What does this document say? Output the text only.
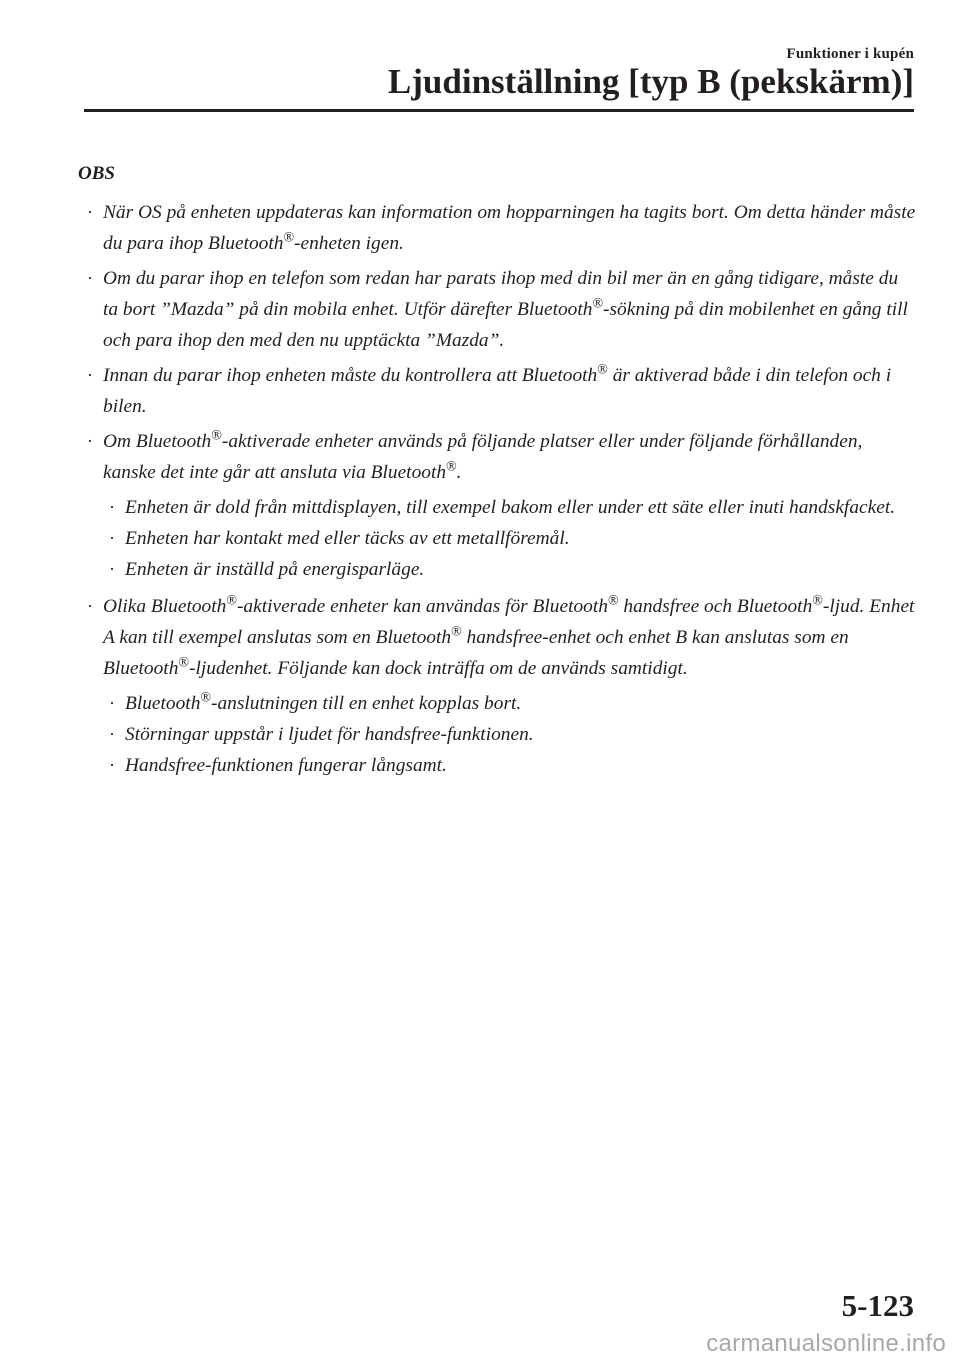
Funktioner i kupén
Ljudinställning [typ B (pekskärm)]
OBS
·
När OS på enheten uppdateras kan information om hopparningen ha tagits bort. Om detta händer måste du para ihop Bluetooth®-enheten igen.
·
Om du parar ihop en telefon som redan har parats ihop med din bil mer än en gång tidigare, måste du ta bort ”Mazda” på din mobila enhet. Utför därefter Bluetooth®-sökning på din mobilenhet en gång till och para ihop den med den nu upptäckta ”Mazda”.
·
Innan du parar ihop enheten måste du kontrollera att Bluetooth® är aktiverad både i din telefon och i bilen.
·
Om Bluetooth®-aktiverade enheter används på följande platser eller under följande förhållanden, kanske det inte går att ansluta via Bluetooth®.
·
Enheten är dold från mittdisplayen, till exempel bakom eller under ett säte eller inuti handskfacket.
·
Enheten har kontakt med eller täcks av ett metallföremål.
·
Enheten är inställd på energisparläge.
·
Olika Bluetooth®-aktiverade enheter kan användas för Bluetooth® handsfree och Bluetooth®-ljud. Enhet A kan till exempel anslutas som en Bluetooth® handsfree-enhet och enhet B kan anslutas som en Bluetooth®-ljudenhet. Följande kan dock inträffa om de används samtidigt.
·
Bluetooth®-anslutningen till en enhet kopplas bort.
·
Störningar uppstår i ljudet för handsfree-funktionen.
·
Handsfree-funktionen fungerar långsamt.
5-123
carmanualsonline.info
